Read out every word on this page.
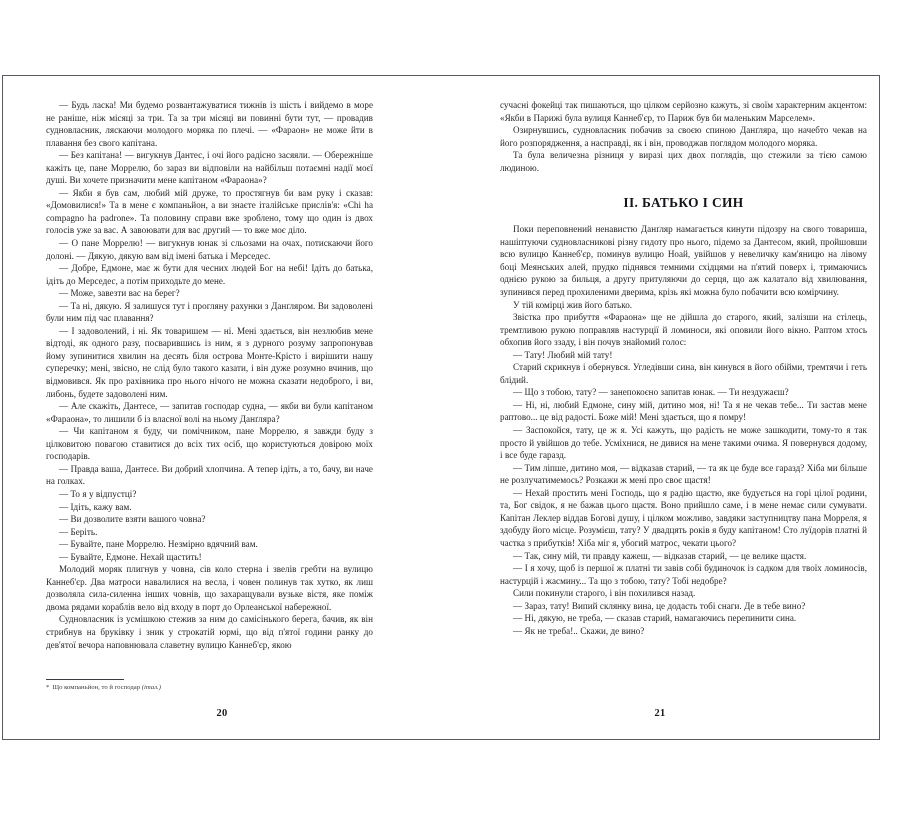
— Будь ласка! Ми будемо розвантажуватися тижнів із шість і вийдемо в море не раніше, ніж місяці за три. Та за три місяці ви повинні бути тут, — провадив судновласник, ляскаючи молодого моряка по плечі. — «Фараон» не може йти в плавання без свого капітана.

— Без капітана! — вигукнув Дантес, і очі його радісно засяяли. — Обережніше кажіть це, пане Моррелю, бо зараз ви відповіли на найбільш потаємні надії моєї душі. Ви хочете призначити мене капітаном «Фараона»?

— Якби я був сам, любий мій друже, то простягнув би вам руку і сказав: «Домовилися!» Та в мене є компаньйон, а ви знаєте італійське прислів'я: «Chi ha compagno ha padrone». Та половину справи вже зроблено, тому що один із двох голосів уже за вас. А завоювати для вас другий — то вже моє діло.

— О пане Моррелю! — вигукнув юнак зі сльозами на очах, потискаючи його долоні. — Дякую, дякую вам від імені батька і Мерседес.

— Добре, Едмоне, має ж бути для чесних людей Бог на небі! Ідіть до батька, ідіть до Мерседес, а потім приходьте до мене.

— Може, завезти вас на берег?

— Та ні, дякую. Я залишуся тут і прогляну рахунки з Данґляром. Ви задоволені були ним під час плавання?

— І задоволений, і ні. Як товаришем — ні. Мені здається, він незлюбив мене відтоді, як одного разу, посварившись із ним, я з дурного розуму запропонував йому зупинитися хвилин на десять біля острова Монте-Крісто і вирішити нашу суперечку; мені, звісно, не слід було такого казати, і він дуже розумно вчинив, що відмовився. Як про рахівника про нього нічого не можна сказати недоброго, і ви, либонь, будете задоволені ним.

— Але скажіть, Дантесе, — запитав господар судна, — якби ви були капітаном «Фараона», то лишили б із власної волі на ньому Данґляра?

— Чи капітаном я буду, чи помічником, пане Моррелю, я завжди буду з цілковитою повагою ставитися до всіх тих осіб, що користуються довірою моїх господарів.

— Правда ваша, Дантесе. Ви добрий хлопчина. А тепер ідіть, а то, бачу, ви наче на голках.

— То я у відпустці?

— Ідіть, кажу вам.

— Ви дозволите взяти вашого човна?

— Беріть.

— Бувайте, пане Моррелю. Незмірно вдячний вам.

— Бувайте, Едмоне. Нехай щастить!

Молодий моряк плигнув у човна, сів коло стерна і звелів гребти на вулицю Каннеб'єр. Два матроси навалилися на весла, і човен полинув так хутко, як лиш дозволяла сила-силенна інших човнів, що захаращували вузьке вістя, яке поміж двома рядами кораблів вело від входу в порт до Орлеанської набережної.

Судновласник із усмішкою стежив за ним до самісінького берега, бачив, як він стрибнув на бруківку і зник у строкатій юрмі, що від п'ятої години ранку до дев'ятої вечора наповнювала славетну вулицю Каннеб'єр, якою

* Що компаньйон, то й господар (італ.)
20

сучасні фокейці так пишаються, що цілком серйозно кажуть, зі своїм характерним акцентом: «Якби в Парижі була вулиця Каннеб'єр, то Париж був би маленьким Марселем».

Озирнувшись, судновласник побачив за своєю спиною Данґляра, що начебто чекав на його розпорядження, а насправді, як і він, проводжав поглядом молодого моряка.

Та була величезна різниця у виразі цих двох поглядів, що стежили за тією самою людиною.

II. БАТЬКО І СИН

Поки переповнений ненавистю Данґляр намагається кинути підозру на свого товариша, нашіптуючи судновласникові різну гидоту про нього, підемо за Дантесом, який, пройшовши всю вулицю Каннеб'єр, поминув вулицю Ноай, увійшов у невеличку кам'яницю на лівому боці Меянських алей, прудко піднявся темними східцями на п'ятий поверх і, тримаючись однією рукою за бильця, а другу притуляючи до серця, що аж калатало від хвилювання, зупинився перед прохиленими дверима, крізь які можна було побачити всю комірчину.

У тій комірці жив його батько.

Звістка про прибуття «Фараона» ще не дійшла до старого, який, залізши на стілець, тремтливою рукою поправляв настурції й ломиноси, які оповили його вікно. Раптом хтось обхопив його ззаду, і він почув знайомий голос:

— Тату! Любий мій тату!

Старий скрикнув і обернувся. Угледівши сина, він кинувся в його обійми, тремтячи і геть блідий.

— Що з тобою, тату? — занепокоєно запитав юнак. — Ти нездужаєш?

— Ні, ні, любий Едмоне, сину мій, дитино моя, ні! Та я не чекав тебе... Ти застав мене раптово... це від радості. Боже мій! Мені здається, що я помру!

— Заспокойся, тату, це ж я. Усі кажуть, що радість не може зашкодити, тому-то я так просто й увійшов до тебе. Усміхнися, не дивися на мене такими очима. Я повернувся додому, і все буде гаразд.

— Тим ліпше, дитино моя, — відказав старий, — та як це буде все гаразд? Хіба ми більше не розлучатимемось? Розкажи ж мені про своє щастя!

— Нехай простить мені Господь, що я радію щастю, яке будується на горі цілої родини, та, Бог свідок, я не бажав цього щастя. Воно прийшло саме, і в мене немає сили сумувати. Капітан Леклер віддав Богові душу, і цілком можливо, завдяки заступництву пана Морреля, я здобуду його місце. Розумієш, тату? У двадцять років я буду капітаном! Сто луїдорів платні й частка з прибутків! Хіба міг я, убогий матрос, чекати цього?

— Так, сину мій, ти правду кажеш, — відказав старий, — це велике щастя.

— І я хочу, щоб із першої ж платні ти завів собі будиночок із садком для твоїх ломиносів, настурцій і жасмину... Та що з тобою, тату? Тобі недобре?

Сили покинули старого, і він похилився назад.

— Зараз, тату! Випий склянку вина, це додасть тобі снаги. Де в тебе вино?

— Ні, дякую, не треба, — сказав старий, намагаючись перепинити сина.

— Як не треба!.. Скажи, де вино?

21
